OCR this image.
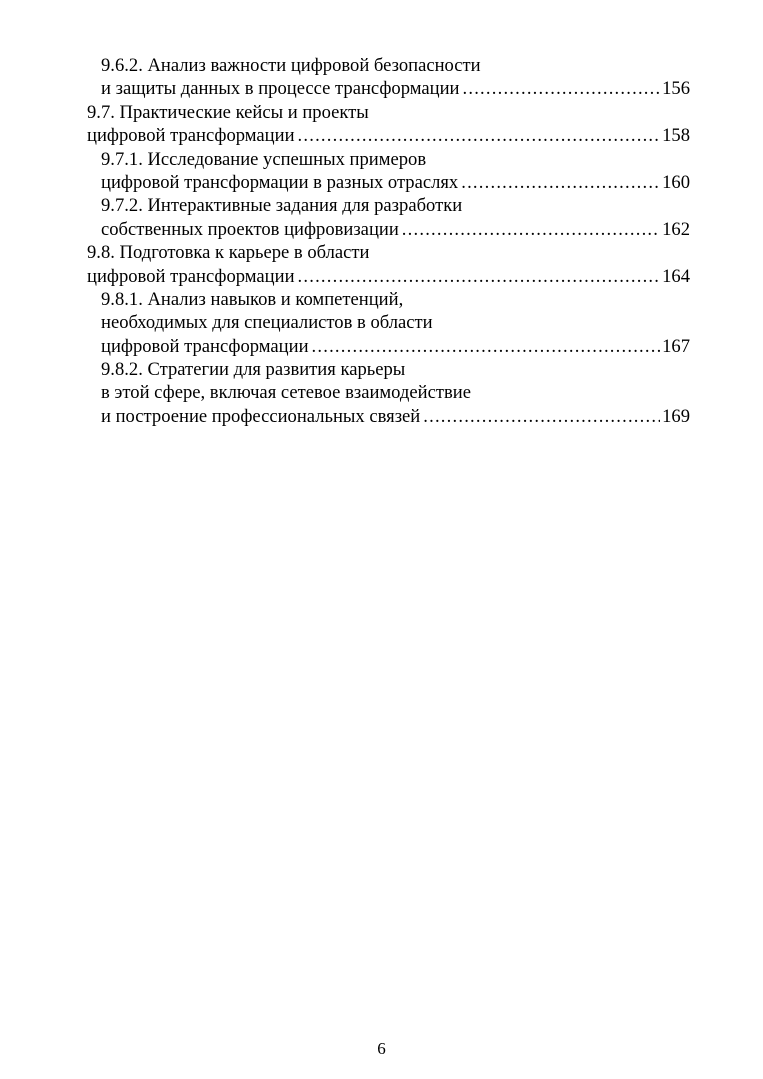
9.6.2. Анализ важности цифровой безопасности
и защиты данных в процессе трансформации .....	156
9.7. Практические кейсы и проекты
цифровой трансформации .....	158
9.7.1. Исследование успешных примеров
цифровой трансформации в разных отраслях .....	160
9.7.2. Интерактивные задания для разработки
собственных проектов цифровизации .....	162
9.8. Подготовка к карьере в области
цифровой трансформации .....	164
9.8.1. Анализ навыков и компетенций,
необходимых для специалистов в области
цифровой трансформации .....	167
9.8.2. Стратегии для развития карьеры
в этой сфере, включая сетевое взаимодействие
и построение профессиональных связей .....	169
6
